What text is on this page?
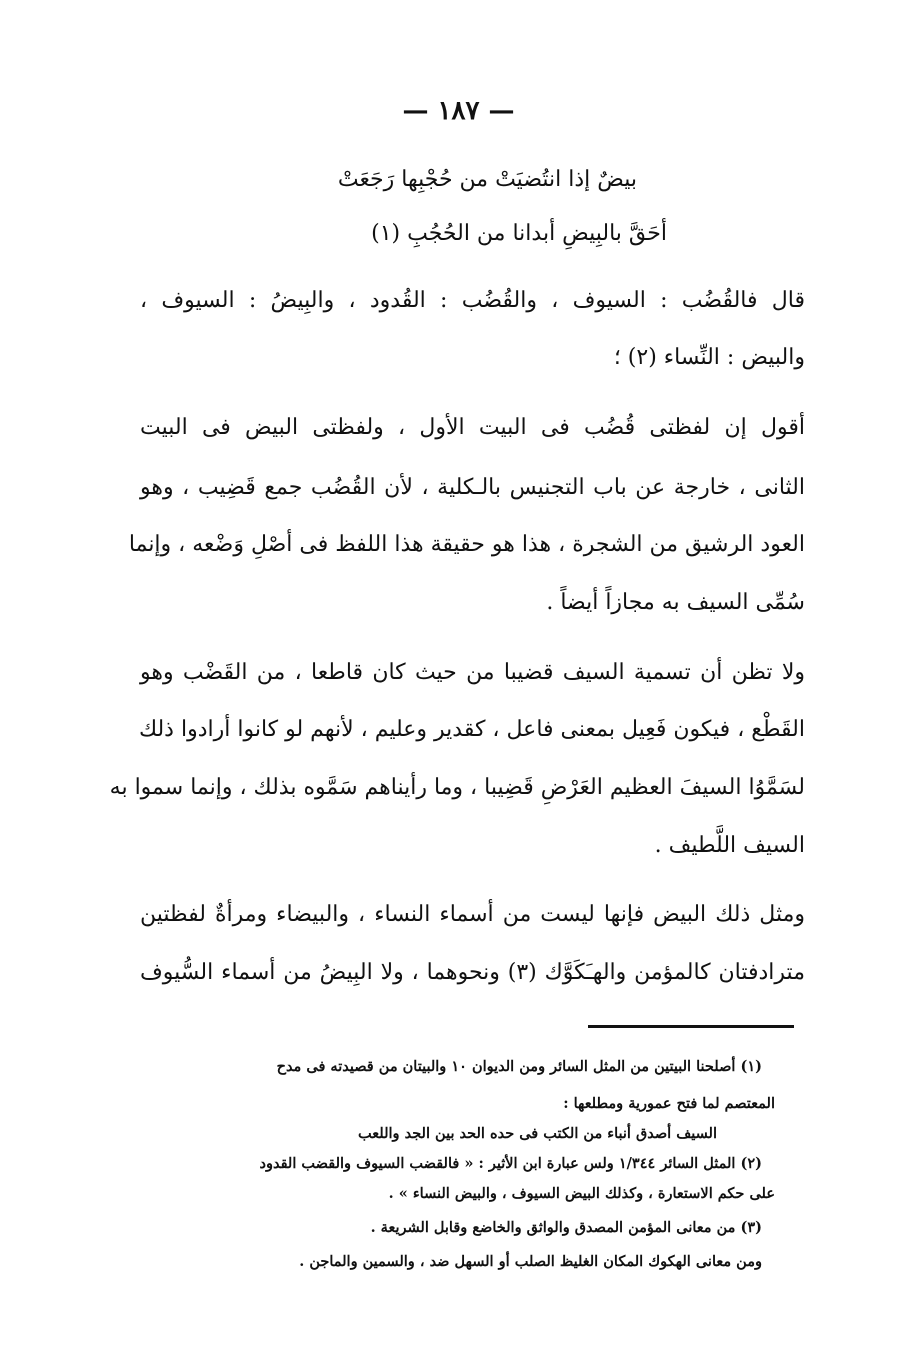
— ١٨٧ —
بيضٌ إذا انتُضيَتْ من حُجْبِها رَجَعَتْ
أحَقَّ بالبِيضِ أبدانا من الحُجُبِ (١)
قال فالقُضُب : السيوف ، والقُضُب : القُدود ، والبِيضُ : السيوف ،
والبيض : النِّساء (٢) ؛
أقول إن لفظتى قُضُب فى البيت الأول ، ولفظتى البيض فى البيت
الثانى ، خارجة عن باب التجنيس بالـكلية ، لأن القُضُب جمع قَضِيب ، وهو
العود الرشيق من الشجرة ، هذا هو حقيقة هذا اللفظ فى أصْلِ وَضْعه ، وإنما
سُمِّى السيف به مجازاً أيضاً .
ولا تظن أن تسمية السيف قضيبا من حيث كان قاطعا ، من القَضْب وهو
القَطْع ، فيكون فَعِيل بمعنى فاعل ، كقدير وعليم ، لأنهم لو كانوا أرادوا ذلك
لسَمَّوُا السيفَ العظيم العَرْضِ قَضِيبا ، وما رأيناهم سَمَّوه بذلك ، وإنما سموا به
السيف اللَّطيف .
ومثل ذلك البيض فإنها ليست من أسماء النساء ، والبيضاء ومرأةٌ لفظتين
مترادفتان كالمؤمن والهـَكَوَّك (٣) ونحوهما ، ولا البِيضُ من أسماء السُّيوف
(١) أصلحنا البيتين من المثل السائر ومن الديوان ١٠ والبيتان من قصيدته فى مدح
المعتصم لما فتح عمورية ومطلعها :
السيف أصدق أنباء من الكتب فى حده الحد بين الجد واللعب
(٢) المثل السائر ١/٣٤٤ ولس عبارة ابن الأثير : « فالقضب السيوف والقضب القدود
على حكم الاستعارة ، وكذلك البيض السيوف ، والبيض النساء » .
(٣) من معانى المؤمن المصدق والواثق والخاضع وقابل الشريعة .
ومن معانى الهكوك المكان الغليظ الصلب أو السهل ضد ، والسمين والماجن .
